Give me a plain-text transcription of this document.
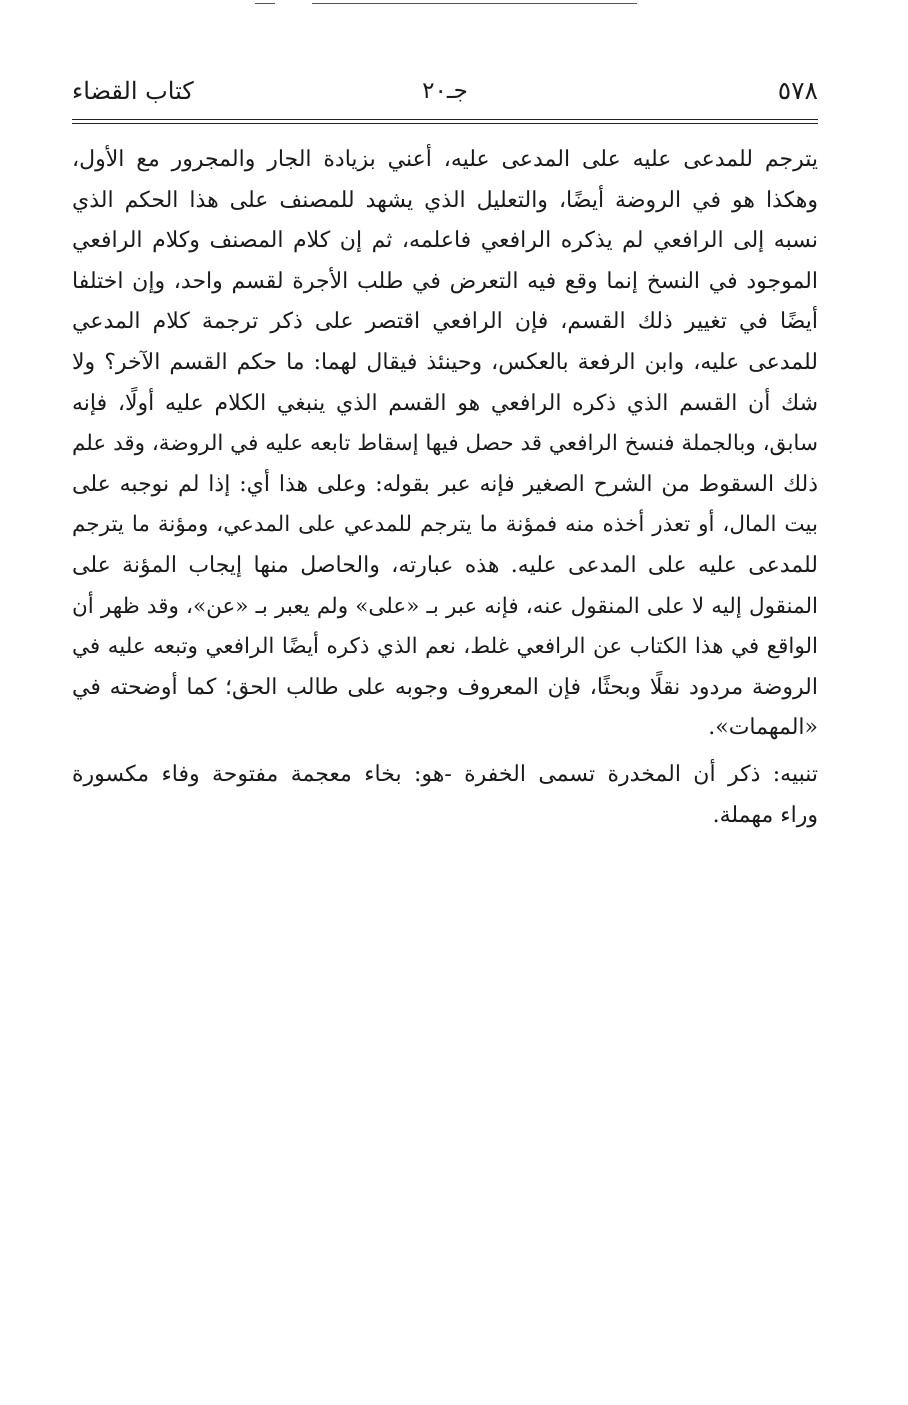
٥٧٨
جـ٢٠
كتاب القضاء

يترجم للمدعى عليه على المدعى عليه، أعني بزيادة الجار والمجرور مع الأول،
وهكذا هو في الروضة أيضًا، والتعليل الذي يشهد للمصنف على هذا الحكم الذي
نسبه إلى الرافعي لم يذكره الرافعي فاعلمه، ثم إن كلام المصنف وكلام الرافعي
الموجود في النسخ إنما وقع فيه التعرض في طلب الأجرة لقسم واحد، وإن اختلفا
أيضًا في تغيير ذلك القسم، فإن الرافعي اقتصر على ذكر ترجمة كلام المدعي
للمدعى عليه، وابن الرفعة بالعكس، وحينئذ فيقال لهما: ما حكم القسم الآخر؟ ولا
شك أن القسم الذي ذكره الرافعي هو القسم الذي ينبغي الكلام عليه أولًا، فإنه
سابق، وبالجملة فنسخ الرافعي قد حصل فيها إسقاط تابعه عليه في الروضة، وقد علم
ذلك السقوط من الشرح الصغير فإنه عبر بقوله: وعلى هذا أي: إذا لم نوجبه على
بيت المال، أو تعذر أخذه منه فمؤنة ما يترجم للمدعي على المدعي، ومؤنة ما يترجم
للمدعى عليه على المدعى عليه. هذه عبارته، والحاصل منها إيجاب المؤنة على
المنقول إليه لا على المنقول عنه، فإنه عبر بـ «على» ولم يعبر بـ «عن»، وقد ظهر أن
الواقع في هذا الكتاب عن الرافعي غلط، نعم الذي ذكره أيضًا الرافعي وتبعه عليه في
الروضة مردود نقلًا وبحثًا، فإن المعروف وجوبه على طالب الحق؛ كما أوضحته في
«المهمات».

تنبيه: ذكر أن المخدرة تسمى الخفرة -هو: بخاء معجمة مفتوحة وفاء مكسورة
وراء مهملة.
